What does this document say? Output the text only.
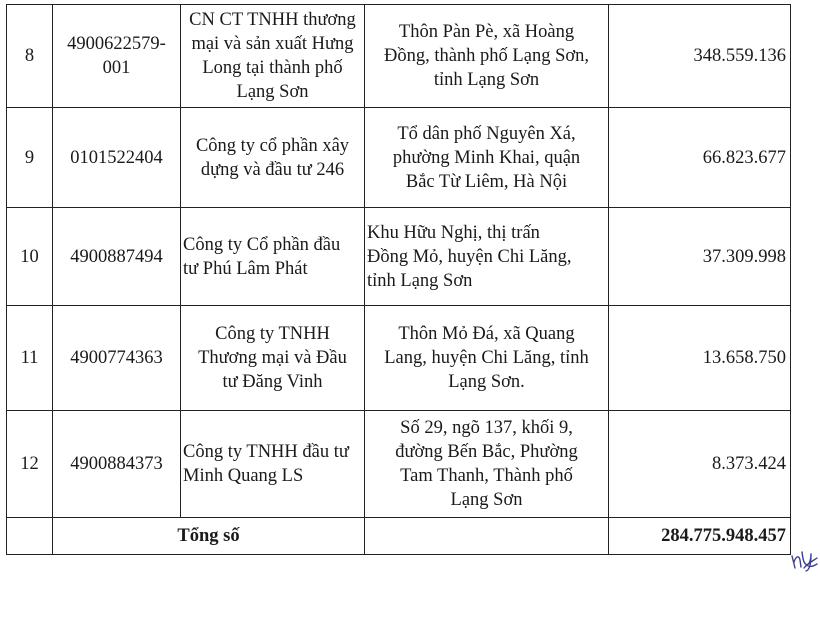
8	4900622579-
001	CN CT TNHH thương
mại và sản xuất Hưng
Long tại thành phố
Lạng Sơn	Thôn Pàn Pè, xã Hoàng
Đồng, thành phố Lạng Sơn,
tỉnh Lạng Sơn	348.559.136
9	0101522404	Công ty cổ phần xây
dựng và đầu tư 246	Tổ dân phố Nguyên Xá,
phường Minh Khai, quận
Bắc Từ Liêm, Hà Nội	66.823.677
10	4900887494	Công ty Cổ phần đầu
tư Phú Lâm Phát	Khu Hữu Nghị, thị trấn
Đồng Mỏ, huyện Chi Lăng,
tỉnh Lạng Sơn	37.309.998
11	4900774363	Công ty TNHH
Thương mại và Đầu
tư Đăng Vinh	Thôn Mỏ Đá, xã Quang
Lang, huyện Chi Lăng, tỉnh
Lạng Sơn.	13.658.750
12	4900884373	Công ty TNHH đầu tư
Minh Quang LS	Số 29, ngõ 137, khối 9,
đường Bến Bắc, Phường
Tam Thanh, Thành phố
Lạng Sơn	8.373.424
	Tổng số			284.775.948.457
